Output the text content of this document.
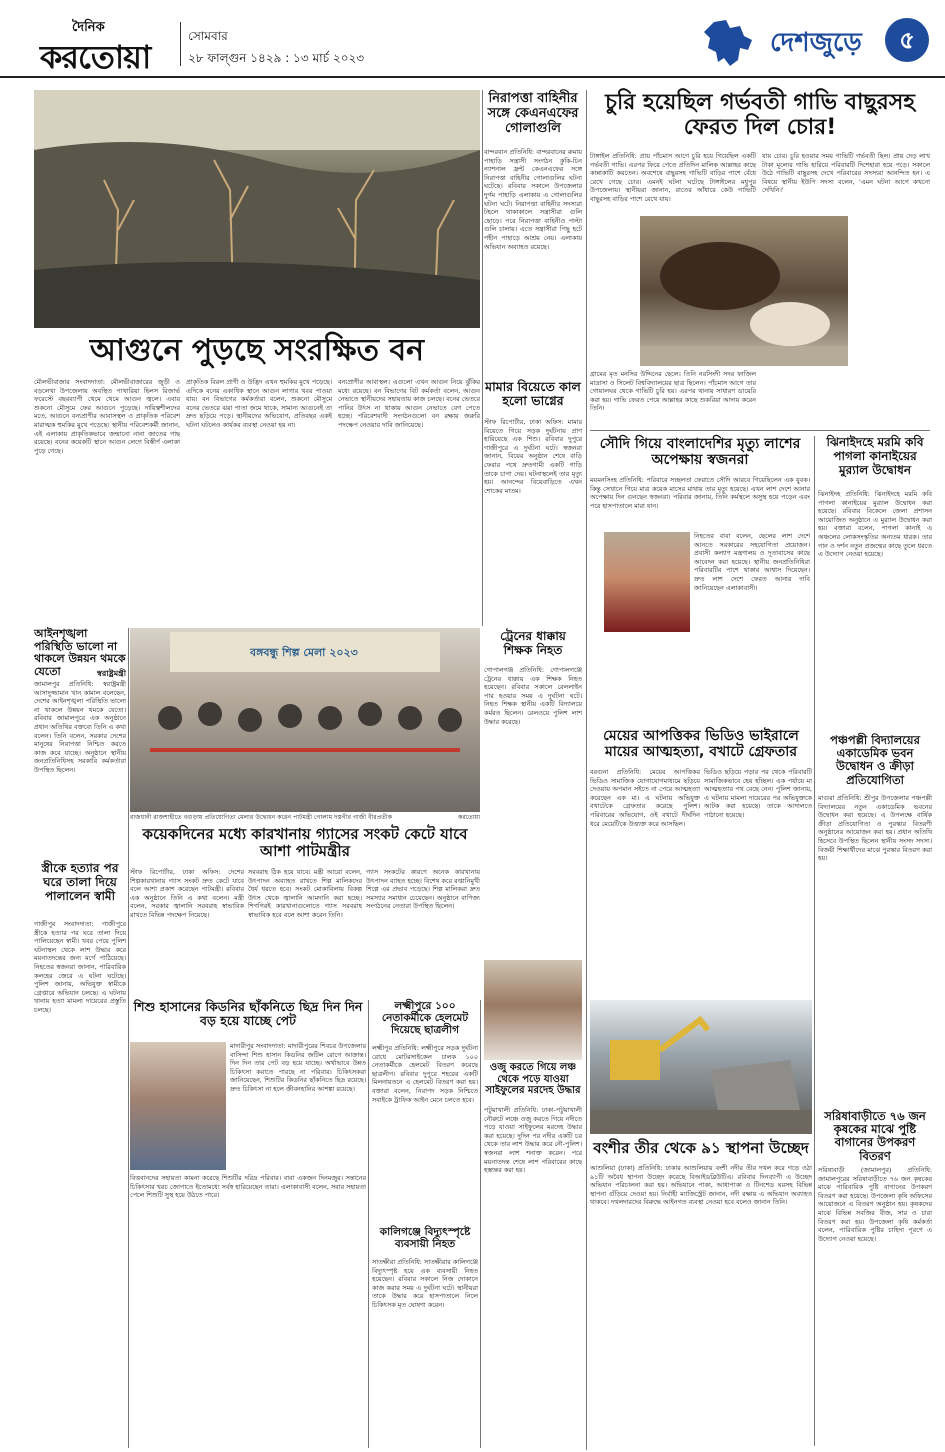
দৈনিক
করতোয়া
সোমবার
২৮ ফাল্গুন ১৪২৯ : ১৩ মার্চ ২০২৩	দেশজুড়ে	৫
আগুনে পুড়ছে সংরক্ষিত বন
মৌলভীবাজার সংবাদদাতা: মৌলভীবাজারের জুড়ী ও বড়লেখা উপজেলায় অবস্থিত পাথারিয়া হিলস রিজার্ভ ফরেস্টে বছরব্যাপী থেমে থেমে আগুন জ্বলে। এবার শুকনো মৌসুমে ফের আগুনে পুড়েছে। দায়িত্বশীলদের মতে, আগুনে বন্যপ্রাণীর আবাসস্থল ও প্রাকৃতিক পরিবেশ মারাত্মক হুমকির মুখে পড়েছে। স্থানীয় পরিবেশকর্মী জানান, এই এলাকায় প্রাকৃতিকভাবে জন্মানো নানা জাতের গাছ রয়েছে। বনের কয়েকটি স্থানে আগুন লেগে বিস্তীর্ণ এলাকা পুড়ে গেছে।
প্রাকৃতিক বিরল প্রাণী ও উদ্ভিদ এখন হুমকির মুখে পড়েছে। এদিকে বনের একাধিক স্থানে আগুন লাগার খবর পাওয়া যায়। বন বিভাগের কর্মকর্তারা বলেন, শুকনো মৌসুমে বনের ভেতরে ঝরা পাতা জমে থাকে, সামান্য আগুনেই তা দ্রুত ছড়িয়ে পড়ে। স্থানীয়দের অভিযোগ, প্রতিবছর একই ঘটনা ঘটলেও কার্যকর ব্যবস্থা নেওয়া হয় না।
বন্যপ্রাণীর আবাস্থল। এগুলো এখন আগুন নিয়ে ঝুঁকির মধ্যে রয়েছে। বন বিভাগের বিট কর্মকর্তা বলেন, আগুন নেভাতে স্থানীয়দের সহায়তায় কাজ চলছে। বনের ভেতরে পানির উৎস না থাকায় আগুন নেভাতে বেগ পেতে হচ্ছে। পরিবেশবাদী সংগঠনগুলো বন রক্ষায় জরুরি পদক্ষেপ নেওয়ার দাবি জানিয়েছে।
নিরাপত্তা বাহিনীর সঙ্গে কেএনএফের গোলাগুলি
বান্দরবান প্রতিনিধি: বান্দরবানের রুমায় পাহাড়ি সন্ত্রাসী সংগঠন কুকি-চিন ন্যাশনাল ফ্রন্ট কেএনএফের সঙ্গে নিরাপত্তা বাহিনীর গোলাগুলির ঘটনা ঘটেছে। রবিবার সকালে উপজেলার দুর্গম পাহাড়ি এলাকায় এ গোলাগুলির ঘটনা ঘটে। নিরাপত্তা বাহিনীর সদস্যরা টহলে থাকাকালে সন্ত্রাসীরা গুলি ছোড়ে। পরে নিরাপত্তা বাহিনীও পাল্টা গুলি চালায়। এতে সন্ত্রাসীরা পিছু হটে গহীন পাহাড়ে আশ্রয় নেয়। এলাকায় অভিযান অব্যাহত রয়েছে।
মামার বিয়েতে কাল হলো ভাগ্নের
স্টাফ রিপোর্টার, ঢাকা অফিস: মামার বিয়েতে গিয়ে সড়ক দুর্ঘটনায় প্রাণ হারিয়েছে এক শিশু। রবিবার দুপুরে গাজীপুরে এ দুর্ঘটনা ঘটে। স্বজনরা জানান, বিয়ের অনুষ্ঠান শেষে বাড়ি ফেরার পথে দ্রুতগামী একটি গাড়ি তাকে চাপা দেয়। ঘটনাস্থলেই তার মৃত্যু হয়। আনন্দের বিয়েবাড়িতে এখন শোকের মাতম।
চুরি হয়েছিল গর্ভবতী গাভি বাছুরসহ ফেরত দিল চোর!
টাঙ্গাইল প্রতিনিধি: প্রায় পাঁচমাস আগে চুরি হয়ে গিয়েছিল একটি গর্ভবতী গাভি। এরপর ফিরে পেতে প্রতিদিন মালিক আল্লাহর কাছে কান্নাকাটি করতেন। অবশেষে বাছুরসহ গাভিটি বাড়ির পাশে বেঁধে রেখে গেছে চোর। এমনই ঘটনা ঘটেছে টাঙ্গাইলের মধুপুর উপজেলায়। স্থানীয়রা জানান, রাতের আঁধারে কেউ গাভিটি বাছুরসহ বাড়ির পাশে রেখে যায়।
যায় চোর। চুরি হওয়ার সময় গাভিটি গর্ভবতী ছিল। প্রায় দেড় লাখ টাকা মূল্যের গাভি হারিয়ে পরিবারটি দিশেহারা হয়ে পড়ে। সকালে উঠে গাভিটি বাছুরসহ দেখে পরিবারের সদস্যরা আনন্দিত হন। এ বিষয়ে স্থানীয় ইউপি সদস্য বলেন, 'এমন ঘটনা আগে কখনো দেখিনি।'
গ্রামের মৃত মনসির উদ্দিনের ছেলে। তিনি নরসিংদী সদর ফাজিল মাদ্রাসা ও সিলেট বিশ্ববিদ্যালয়ের ছাত্র ছিলেন। পাঁচমাস আগে তার গোয়ালঘর থেকে গাভিটি চুরি হয়। এরপর থানায় সাধারণ ডায়েরি করা হয়। গাভি ফেরত পেয়ে আল্লাহর কাছে শুকরিয়া আদায় করেন তিনি।
সৌদি গিয়ে বাংলাদেশির মৃত্যু লাশের অপেক্ষায় স্বজনরা
ময়মনসিংহ প্রতিনিধি: পরিবারে সচ্ছলতা ফেরাতে সৌদি আরবে গিয়েছিলেন এক যুবক। কিন্তু সেখানে গিয়ে মাত্র কয়েক মাসের মাথায় তার মৃত্যু হয়েছে। এখন লাশ দেশে আনার অপেক্ষায় দিন গুনছেন স্বজনরা। পরিবার জানায়, তিনি কর্মস্থলে অসুস্থ হয়ে পড়েন এবং পরে হাসপাতালে মারা যান।
নিহতের বাবা বলেন, ছেলের লাশ দেশে আনতে সরকারের সহযোগিতা প্রয়োজন। প্রবাসী কল্যাণ মন্ত্রণালয় ও দূতাবাসের কাছে আবেদন করা হয়েছে। স্থানীয় জনপ্রতিনিধিরা পরিবারটির পাশে থাকার আশ্বাস দিয়েছেন। দ্রুত লাশ দেশে ফেরত আনার দাবি জানিয়েছেন এলাকাবাসী।
ঝিনাইদহে মরমি কবি পাগলা কানাইয়ের মুর‍্যাল উদ্বোধন
ঝিনাইদহ প্রতিনিধি: ঝিনাইদহে মরমি কবি পাগলা কানাইয়ের মুর‍্যাল উদ্বোধন করা হয়েছে। রবিবার বিকেলে জেলা প্রশাসন আয়োজিত অনুষ্ঠানে এ মুর‍্যাল উদ্বোধন করা হয়। বক্তারা বলেন, পাগলা কানাই এ অঞ্চলের লোকসংস্কৃতির অন্যতম ধারক। তার গান ও দর্শন নতুন প্রজন্মের কাছে তুলে ধরতে এ উদ্যোগ নেওয়া হয়েছে।
পঞ্চপল্লী বিদ্যালয়ের একাডেমিক ভবন উদ্বোধন ও ক্রীড়া প্রতিযোগিতা
মাগুরা প্রতিনিধি: শ্রীপুর উপজেলার পঞ্চপল্লী বিদ্যালয়ের নতুন একাডেমিক ভবনের উদ্বোধন করা হয়েছে। এ উপলক্ষে বার্ষিক ক্রীড়া প্রতিযোগিতা ও পুরস্কার বিতরণী অনুষ্ঠানের আয়োজন করা হয়। প্রধান অতিথি হিসেবে উপস্থিত ছিলেন স্থানীয় সংসদ সদস্য। বিজয়ী শিক্ষার্থীদের মাঝে পুরস্কার বিতরণ করা হয়।
সরিষাবাড়ীতে ৭৬ জন কৃষকের মাঝে পুষ্টি বাগানের উপকরণ বিতরণ
সরিষাবাড়ী (জামালপুর) প্রতিনিধি: জামালপুরের সরিষাবাড়ীতে ৭৬ জন কৃষকের মাঝে পারিবারিক পুষ্টি বাগানের উপকরণ বিতরণ করা হয়েছে। উপজেলা কৃষি অফিসের আয়োজনে এ বিতরণ অনুষ্ঠান হয়। কৃষকদের মাঝে বিভিন্ন সবজির বীজ, সার ও চারা বিতরণ করা হয়। উপজেলা কৃষি কর্মকর্তা বলেন, পারিবারিক পুষ্টির চাহিদা পূরণে এ উদ্যোগ নেওয়া হয়েছে।
আইনশৃঙ্খলা পরিস্থিতি ভালো না থাকলে উন্নয়ন থমকে যেতো	স্বরাষ্ট্রমন্ত্রী
জামালপুর প্রতিনিধি: স্বরাষ্ট্রমন্ত্রী আসাদুজ্জামান খান কামাল বলেছেন, দেশের আইনশৃঙ্খলা পরিস্থিতি ভালো না থাকলে উন্নয়ন থমকে যেতো। রবিবার জামালপুরে এক অনুষ্ঠানে প্রধান অতিথির বক্তব্যে তিনি এ কথা বলেন। তিনি বলেন, সরকার দেশের মানুষের নিরাপত্তা নিশ্চিত করতে কাজ করে যাচ্ছে। অনুষ্ঠানে স্থানীয় জনপ্রতিনিধিসহ সরকারি কর্মকর্তারা উপস্থিত ছিলেন।
বঙ্গবন্ধু শিল্প মেলা ২০২৩
রাজধানী রাজশাহীতে বগুড়ায় প্রতিযোগিতা মেলার উদ্বোধন করেন পাটমন্ত্রী গোলাম দস্তগীর গাজী বীরপ্রতীক	করতোয়া
কয়েকদিনের মধ্যে কারখানায় গ্যাসের সংকট কেটে যাবে আশা পাটমন্ত্রীর
স্টাফ রিপোর্টার, ঢাকা অফিস: দেশের শিল্পকারখানায় গ্যাস সংকট দ্রুত কেটে যাবে বলে আশা প্রকাশ করেছেন পাটমন্ত্রী। রবিবার এক অনুষ্ঠানে তিনি এ কথা বলেন। মন্ত্রী বলেন, সরকার জ্বালানি সরবরাহ স্বাভাবিক রাখতে বিভিন্ন পদক্ষেপ নিয়েছে।
সরবরাহ ঠিক হয়ে যাবে। মন্ত্রী আরো বলেন, উৎপাদন অব্যাহত রাখতে শিল্প মালিকদের ধৈর্য ধরতে হবে। সংকট মোকাবিলায় বিকল্প উৎস থেকে জ্বালানি আমদানি করা হচ্ছে। শিগগিরই কারখানাগুলোতে গ্যাস সরবরাহ স্বাভাবিক হবে বলে আশা করেন তিনি।
গ্যাস সংকটের কারণে অনেক কারখানায় উৎপাদন ব্যাহত হচ্ছে। বিশেষ করে রপ্তানিমুখী শিল্পে এর প্রভাব পড়েছে। শিল্প মালিকরা দ্রুত সমস্যার সমাধান চেয়েছেন। অনুষ্ঠানে বাণিজ্য সংগঠনের নেতারা উপস্থিত ছিলেন।
ট্রেনের ধাক্কায় শিক্ষক নিহত
গোপালগঞ্জ প্রতিনিধি: গোপালগঞ্জে ট্রেনের ধাক্কায় এক শিক্ষক নিহত হয়েছেন। রবিবার সকালে রেললাইন পার হওয়ার সময় এ দুর্ঘটনা ঘটে। নিহত শিক্ষক স্থানীয় একটি বিদ্যালয়ে কর্মরত ছিলেন। রেলওয়ে পুলিশ লাশ উদ্ধার করেছে।
স্ত্রীকে হত্যার পর ঘরে তালা দিয়ে পালালেন স্বামী
গাজীপুর সংবাদদাতা: গাজীপুরে স্ত্রীকে হত্যার পর ঘরে তালা দিয়ে পালিয়েছেন স্বামী। খবর পেয়ে পুলিশ ঘটনাস্থল থেকে লাশ উদ্ধার করে ময়নাতদন্তের জন্য মর্গে পাঠিয়েছে। নিহতের স্বজনরা জানান, পারিবারিক কলহের জেরে এ ঘটনা ঘটেছে। পুলিশ জানায়, অভিযুক্ত স্বামীকে গ্রেপ্তারে অভিযান চলছে। এ ঘটনায় থানায় হত্যা মামলা দায়েরের প্রস্তুতি চলছে।	শিশু হাসানের কিডনির ছাঁকনিতে ছিদ্র দিন দিন বড় হয়ে যাচ্ছে পেট
মাদারীপুর সংবাদদাতা: মাদারীপুরের শিবচর উপজেলার বাসিন্দা শিশু হাসান কিডনির জটিল রোগে আক্রান্ত। দিন দিন তার পেট বড় হয়ে যাচ্ছে। অর্থাভাবে উন্নত চিকিৎসা করাতে পারছে না পরিবার। চিকিৎসকরা জানিয়েছেন, শিশুটির কিডনির ছাঁকনিতে ছিদ্র রয়েছে। দ্রুত চিকিৎসা না হলে জীবনহানির আশঙ্কা রয়েছে।
বিত্তবানদের সহায়তা কামনা করেছে শিশুটির দরিদ্র পরিবার। বাবা একজন দিনমজুর। সন্তানের চিকিৎসার খরচ জোগাতে ইতোমধ্যে সর্বস্ব হারিয়েছেন তারা। এলাকাবাসী বলেন, সবার সহায়তা পেলে শিশুটি সুস্থ হয়ে উঠতে পারে।
লক্ষ্মীপুরে ১০০ নেতাকর্মীকে হেলমেট দিয়েছে ছাত্রলীগ
লক্ষ্মীপুর প্রতিনিধি: লক্ষ্মীপুরে সড়ক দুর্ঘটনা রোধে মোটরসাইকেল চালক ১০০ নেতাকর্মীকে হেলমেট বিতরণ করেছে ছাত্রলীগ। রবিবার দুপুরে শহরের একটি মিলনায়তনে এ হেলমেট বিতরণ করা হয়। বক্তারা বলেন, নিরাপদ সড়ক নিশ্চিতে সবাইকে ট্রাফিক আইন মেনে চলতে হবে।
কালিগঞ্জে বিদ্যুৎস্পৃষ্টে ব্যবসায়ী নিহত
সাতক্ষীরা প্রতিনিধি: সাতক্ষীরার কালিগঞ্জে বিদ্যুৎস্পৃষ্ট হয়ে এক ব্যবসায়ী নিহত হয়েছেন। রবিবার সকালে নিজ দোকানে কাজ করার সময় এ দুর্ঘটনা ঘটে। স্থানীয়রা তাকে উদ্ধার করে হাসপাতালে নিলে চিকিৎসক মৃত ঘোষণা করেন।
ওজু করতে গিয়ে লঞ্চ থেকে পড়ে যাওয়া সাইফুলের মরদেহ উদ্ধার
পটুয়াখালী প্রতিনিধি: ঢাকা-পটুয়াখালী নৌরুটে লঞ্চে ওজু করতে গিয়ে নদীতে পড়ে যাওয়া সাইফুলের মরদেহ উদ্ধার করা হয়েছে। দুদিন পর নদীর একটি চর থেকে তার লাশ উদ্ধার করে নৌ-পুলিশ। স্বজনরা লাশ শনাক্ত করেন। পরে ময়নাতদন্ত শেষে লাশ পরিবারের কাছে হস্তান্তর করা হয়।
মেয়ের আপত্তিকর ভিডিও ভাইরালে মায়ের আত্মহত্যা, বখাটে গ্রেফতার
বরগুনা প্রতিনিধি: মেয়ের আপত্তিকর ভিডিও সামাজিক যোগাযোগমাধ্যমে ছড়িয়ে দেওয়ায় অপমান সইতে না পেরে আত্মহত্যা করেছেন এক মা। এ ঘটনায় অভিযুক্ত বখাটেকে গ্রেফতার করেছে পুলিশ। পরিবারের অভিযোগ, ওই বখাটে দীর্ঘদিন ধরে মেয়েটিকে উত্ত্যক্ত করে আসছিল।
ভিডিও ছড়িয়ে পড়ার পর থেকে পরিবারটি সামাজিকভাবে হেয় হচ্ছিল। এক পর্যায়ে মা আত্মহত্যার পথ বেছে নেন। পুলিশ জানায়, এ ঘটনায় মামলা দায়েরের পর অভিযুক্তকে আটক করা হয়েছে। তাকে আদালতে পাঠানো হয়েছে।
বংশীর তীর থেকে ৯১ স্থাপনা উচ্ছেদ
আশুলিয়া (ঢাকা) প্রতিনিধি: ঢাকার আশুলিয়ায় বংশী নদীর তীর দখল করে গড়ে ওঠা ৯১টি অবৈধ স্থাপনা উচ্ছেদ করেছে বিআইডব্লিউটিএ। রবিবার দিনব্যাপী এ উচ্ছেদ অভিযান পরিচালনা করা হয়। অভিযানে পাকা, আধাপাকা ও টিনশেড ঘরসহ বিভিন্ন স্থাপনা গুঁড়িয়ে দেওয়া হয়। নির্বাহী ম্যাজিস্ট্রেট জানান, নদী রক্ষায় এ অভিযান অব্যাহত থাকবে। দখলদারদের বিরুদ্ধে আইনগত ব্যবস্থা নেওয়া হবে বলেও জানান তিনি।
